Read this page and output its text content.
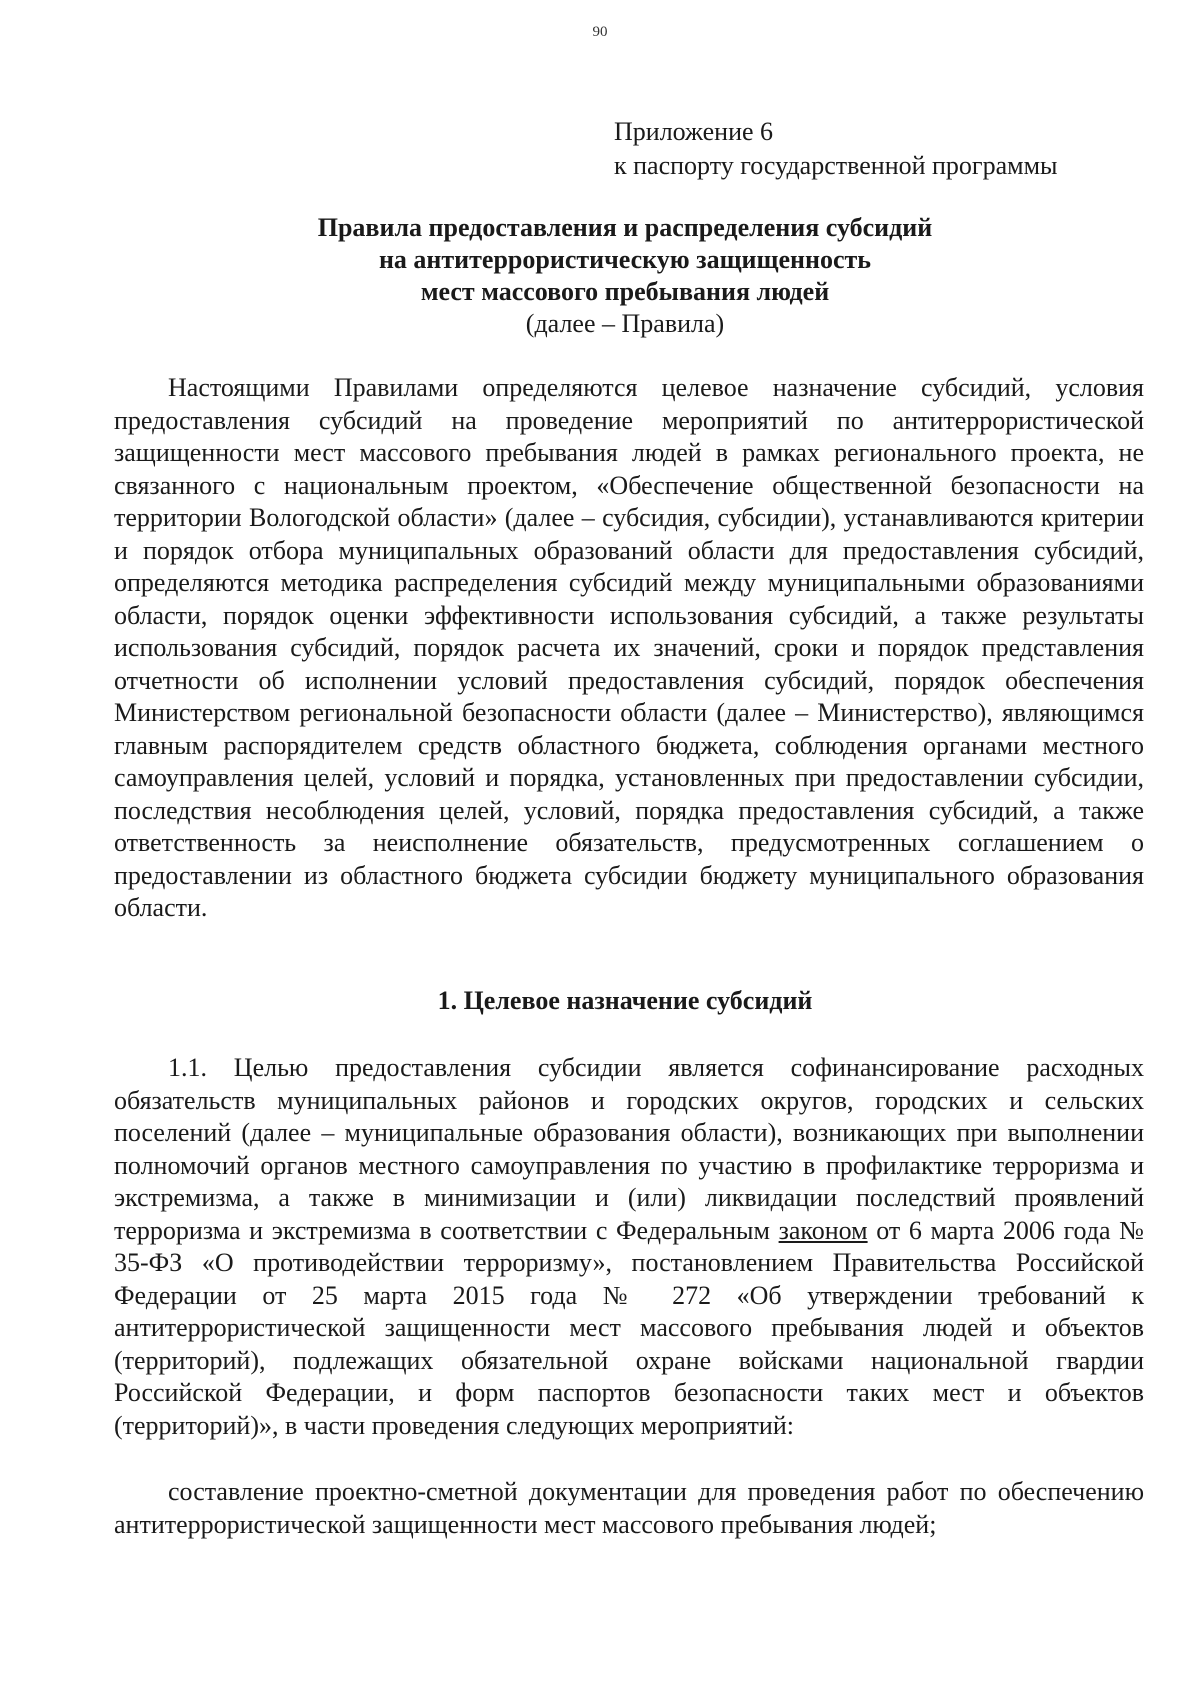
90
Приложение 6
к паспорту государственной программы
Правила предоставления и распределения субсидий
на антитеррористическую защищенность
мест массового пребывания людей
(далее – Правила)

Настоящими Правилами определяются целевое назначение субсидий, условия предоставления субсидий на проведение мероприятий по антитеррористической защищенности мест массового пребывания людей в рамках регионального проекта, не связанного с национальным проектом, «Обеспечение общественной безопасности на территории Вологодской области» (далее – субсидия, субсидии), устанавливаются критерии и порядок отбора муниципальных образований области для предоставления субсидий, определяются методика распределения субсидий между муниципальными образованиями области, порядок оценки эффективности использования субсидий, а также результаты использования субсидий, порядок расчета их значений, сроки и порядок представления отчетности об исполнении условий предоставления субсидий, порядок обеспечения Министерством региональной безопасности области (далее – Министерство), являющимся главным распорядителем средств областного бюджета, соблюдения органами местного самоуправления целей, условий и порядка, установленных при предоставлении субсидии, последствия несоблюдения целей, условий, порядка предоставления субсидий, а также ответственность за неисполнение обязательств, предусмотренных соглашением о предоставлении из областного бюджета субсидии бюджету муниципального образования области.

1. Целевое назначение субсидий

1.1. Целью предоставления субсидии является софинансирование расходных обязательств муниципальных районов и городских округов, городских и сельских поселений (далее – муниципальные образования области), возникающих при выполнении полномочий органов местного самоуправления по участию в профилактике терроризма и экстремизма, а также в минимизации и (или) ликвидации последствий проявлений терроризма и экстремизма в соответствии с Федеральным законом от 6 марта 2006 года № 35-ФЗ «О противодействии терроризму», постановлением Правительства Российской Федерации от 25 марта 2015 года № 272 «Об утверждении требований к антитеррористической защищенности мест массового пребывания людей и объектов (территорий), подлежащих обязательной охране войсками национальной гвардии Российской Федерации, и форм паспортов безопасности таких мест и объектов (территорий)», в части проведения следующих мероприятий:

составление проектно-сметной документации для проведения работ по обеспечению антитеррористической защищенности мест массового пребывания людей;
